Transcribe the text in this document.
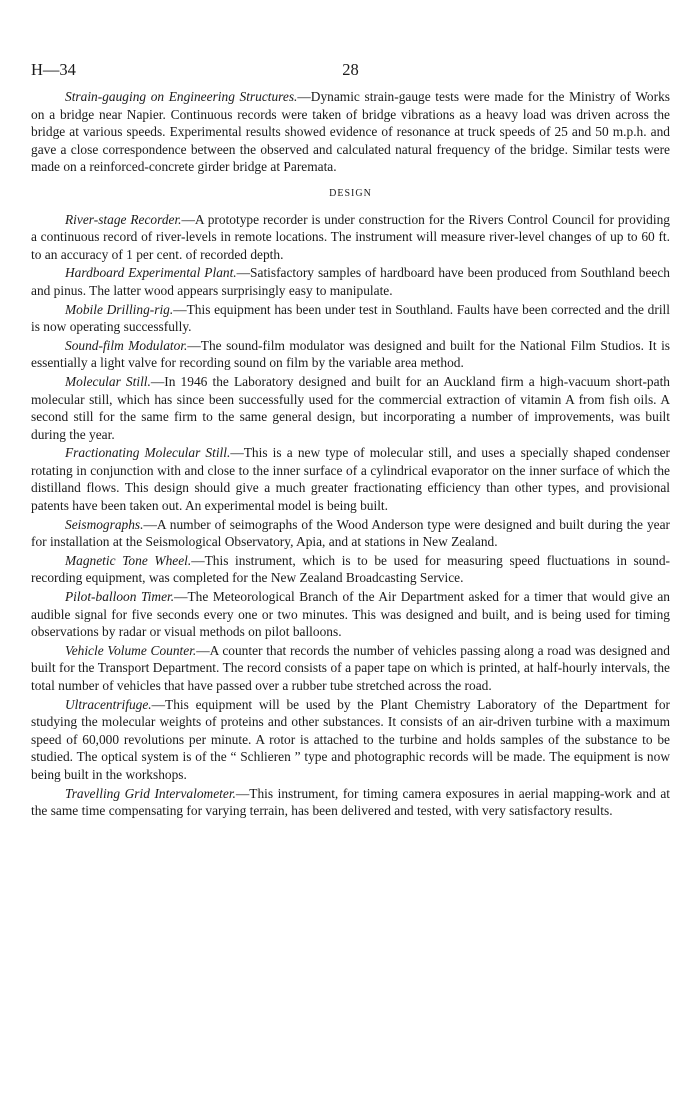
H—34	28

Strain-gauging on Engineering Structures.—Dynamic strain-gauge tests were made for the Ministry of Works on a bridge near Napier. Continuous records were taken of bridge vibrations as a heavy load was driven across the bridge at various speeds. Experimental results showed evidence of resonance at truck speeds of 25 and 50 m.p.h. and gave a close correspondence between the observed and calculated natural frequency of the bridge. Similar tests were made on a reinforced-concrete girder bridge at Paremata.

DESIGN

River-stage Recorder.—A prototype recorder is under construction for the Rivers Control Council for providing a continuous record of river-levels in remote locations. The instrument will measure river-level changes of up to 60 ft. to an accuracy of 1 per cent. of recorded depth.

Hardboard Experimental Plant.—Satisfactory samples of hardboard have been produced from Southland beech and pinus. The latter wood appears surprisingly easy to manipulate.

Mobile Drilling-rig.—This equipment has been under test in Southland. Faults have been corrected and the drill is now operating successfully.

Sound-film Modulator.—The sound-film modulator was designed and built for the National Film Studios. It is essentially a light valve for recording sound on film by the variable area method.

Molecular Still.—In 1946 the Laboratory designed and built for an Auckland firm a high-vacuum short-path molecular still, which has since been successfully used for the commercial extraction of vitamin A from fish oils. A second still for the same firm to the same general design, but incorporating a number of improvements, was built during the year.

Fractionating Molecular Still.—This is a new type of molecular still, and uses a specially shaped condenser rotating in conjunction with and close to the inner surface of a cylindrical evaporator on the inner surface of which the distilland flows. This design should give a much greater fractionating efficiency than other types, and provisional patents have been taken out. An experimental model is being built.

Seismographs.—A number of seimographs of the Wood Anderson type were designed and built during the year for installation at the Seismological Observatory, Apia, and at stations in New Zealand.

Magnetic Tone Wheel.—This instrument, which is to be used for measuring speed fluctuations in sound-recording equipment, was completed for the New Zealand Broadcasting Service.

Pilot-balloon Timer.—The Meteorological Branch of the Air Department asked for a timer that would give an audible signal for five seconds every one or two minutes. This was designed and built, and is being used for timing observations by radar or visual methods on pilot balloons.

Vehicle Volume Counter.—A counter that records the number of vehicles passing along a road was designed and built for the Transport Department. The record consists of a paper tape on which is printed, at half-hourly intervals, the total number of vehicles that have passed over a rubber tube stretched across the road.

Ultracentrifuge.—This equipment will be used by the Plant Chemistry Laboratory of the Department for studying the molecular weights of proteins and other substances. It consists of an air-driven turbine with a maximum speed of 60,000 revolutions per minute. A rotor is attached to the turbine and holds samples of the substance to be studied. The optical system is of the “ Schlieren ” type and photographic records will be made. The equipment is now being built in the workshops.

Travelling Grid Intervalometer.—This instrument, for timing camera exposures in aerial mapping-work and at the same time compensating for varying terrain, has been delivered and tested, with very satisfactory results.
